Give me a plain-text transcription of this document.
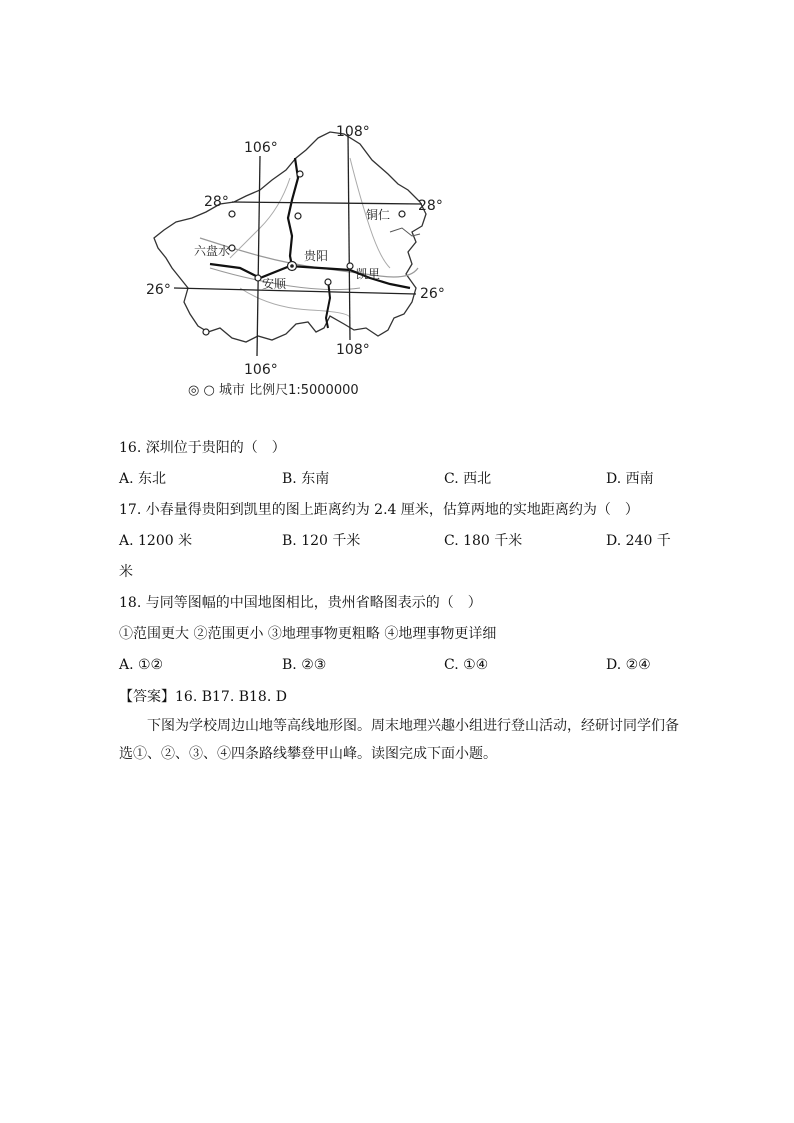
106°
108°
28°	28°
26°	26°
108°
106°
铜仁
六盘水	贵阳
凯里
安顺
◎ ○ 城市 比例尺1:5000000
16. 深圳位于贵阳的（　）
A. 东北	B. 东南	C. 西北	D. 西南
17. 小春量得贵阳到凯里的图上距离约为 2.4 厘米，估算两地的实地距离约为（　）
A. 1200 米	B. 120 千米	C. 180 千米	D. 240 千
米
18. 与同等图幅的中国地图相比，贵州省略图表示的（　）
①范围更大 ②范围更小 ③地理事物更粗略 ④地理事物更详细
A. ①②	B. ②③	C. ①④	D. ②④
【答案】16. B17. B18. D
下图为学校周边山地等高线地形图。周末地理兴趣小组进行登山活动，经研讨同学们备选①、②、③、④四条路线攀登甲山峰。读图完成下面小题。
